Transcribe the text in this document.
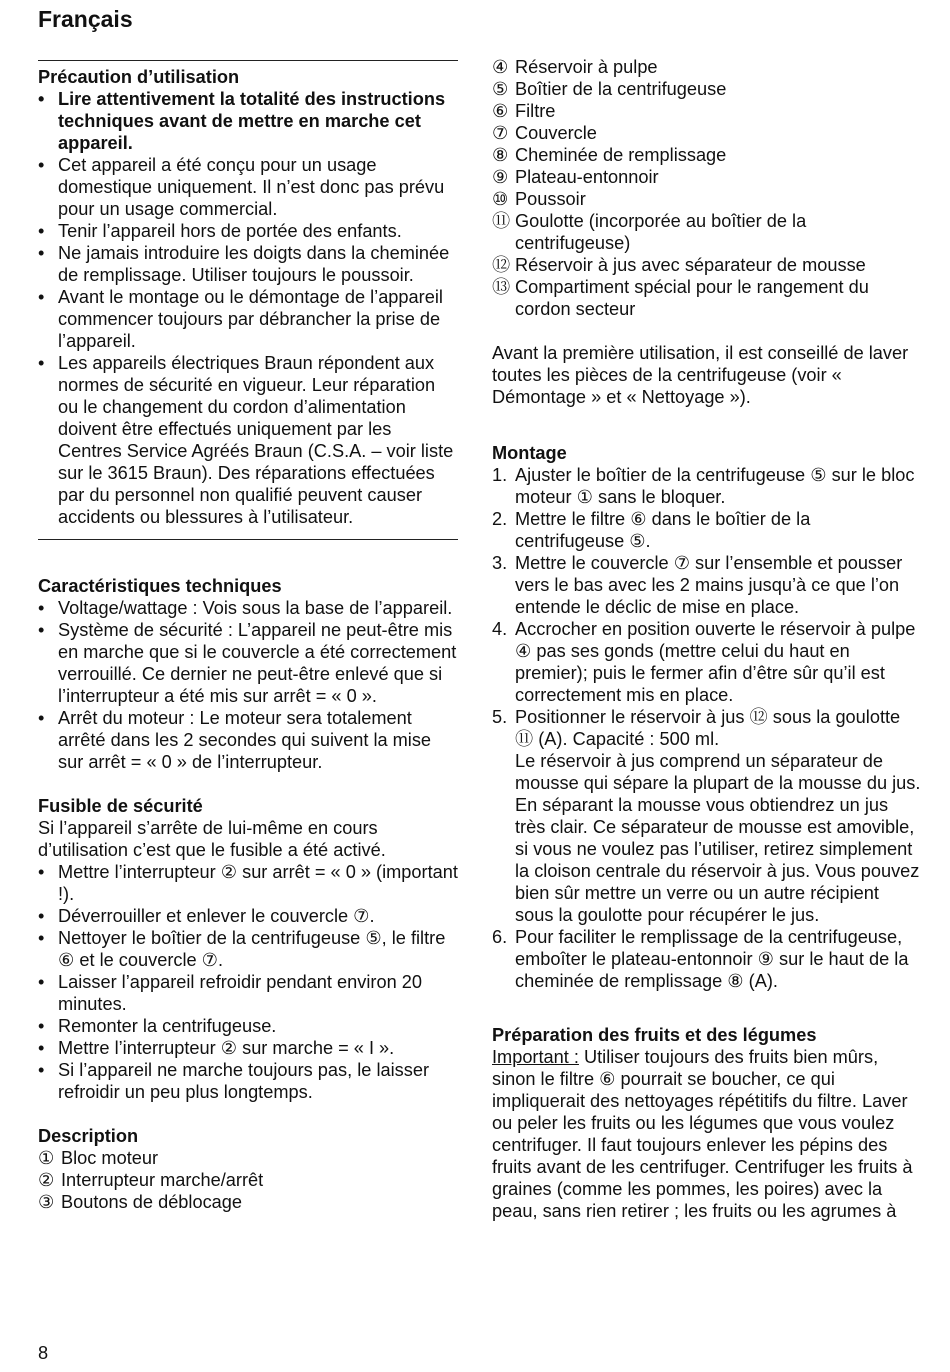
Français
Précaution d’utilisation
• Lire attentivement la totalité des instructions techniques avant de mettre en marche cet appareil.
• Cet appareil a été conçu pour un usage domestique uniquement. Il n’est donc pas prévu pour un usage commercial.
• Tenir l’appareil hors de portée des enfants.
• Ne jamais introduire les doigts dans la cheminée de remplissage. Utiliser toujours le poussoir.
• Avant le montage ou le démontage de l’appareil commencer toujours par débrancher la prise de l’appareil.
• Les appareils électriques Braun répondent aux normes de sécurité en vigueur. Leur réparation ou le changement du cordon d’alimentation doivent être effectués uniquement par les Centres Service Agréés Braun (C.S.A. – voir liste sur le 3615 Braun). Des réparations effectuées par du personnel non qualifié peuvent causer accidents ou blessures à l’utilisateur.
Caractéristiques techniques
• Voltage/wattage : Vois sous la base de l’appareil.
• Système de sécurité : L’appareil ne peut-être mis en marche que si le couvercle a été correctement verrouillé. Ce dernier ne peut-être enlevé que si l’interrupteur a été mis sur arrêt = « 0 ».
• Arrêt du moteur : Le moteur sera totalement arrêté dans les 2 secondes qui suivent la mise sur arrêt = « 0 » de l’interrupteur.
Fusible de sécurité

Si l’appareil s’arrête de lui-même en cours d’utilisation c’est que le fusible a été activé.

• Mettre l’interrupteur ② sur arrêt = « 0 » (important !).
• Déverrouiller et enlever le couvercle ⑦.
• Nettoyer le boîtier de la centrifugeuse ⑤, le filtre ⑥ et le couvercle ⑦.
• Laisser l’appareil refroidir pendant environ 20 minutes.
• Remonter la centrifugeuse.
• Mettre l’interrupteur ② sur marche = « I ».
• Si l’appareil ne marche toujours pas, le laisser refroidir un peu plus longtemps.
Description
① Bloc moteur
② Interrupteur marche/arrêt
③ Boutons de déblocage
④ Réservoir à pulpe
⑤ Boîtier de la centrifugeuse
⑥ Filtre
⑦ Couvercle
⑧ Cheminée de remplissage
⑨ Plateau-entonnoir
⑩ Poussoir
⑪ Goulotte (incorporée au boîtier de la centrifugeuse)
⑫ Réservoir à jus avec séparateur de mousse
⑬ Compartiment spécial pour le rangement du cordon secteur

Avant la première utilisation, il est conseillé de laver toutes les pièces de la centrifugeuse (voir « Démontage » et « Nettoyage »).

Montage
1. Ajuster le boîtier de la centrifugeuse ⑤ sur le bloc moteur ① sans le bloquer.
2. Mettre le filtre ⑥ dans le boîtier de la centrifugeuse ⑤.
3. Mettre le couvercle ⑦ sur l’ensemble et pousser vers le bas avec les 2 mains jusqu’à ce que l’on entende le déclic de mise en place.
4. Accrocher en position ouverte le réservoir à pulpe ④ pas ses gonds (mettre celui du haut en premier); puis le fermer afin d’être sûr qu’il est correctement mis en place.
5. Positionner le réservoir à jus ⑫ sous la goulotte ⑪ (A). Capacité : 500 ml.
Le réservoir à jus comprend un séparateur de mousse qui sépare la plupart de la mousse du jus. En séparant la mousse vous obtiendrez un jus très clair. Ce séparateur de mousse est amovible, si vous ne voulez pas l’utiliser, retirez simplement la cloison centrale du réservoir à jus. Vous pouvez bien sûr mettre un verre ou un autre récipient sous la goulotte pour récupérer le jus.
6. Pour faciliter le remplissage de la centrifugeuse, emboîter le plateau-entonnoir ⑨ sur le haut de la cheminée de remplissage ⑧ (A).
Préparation des fruits et des légumes

Important : Utiliser toujours des fruits bien mûrs, sinon le filtre ⑥ pourrait se boucher, ce qui impliquerait des nettoyages répétitifs du filtre. Laver ou peler les fruits ou les légumes que vous voulez centrifuger. Il faut toujours enlever les pépins des fruits avant de les centrifuger. Centrifuger les fruits à graines (comme les pommes, les poires) avec la peau, sans rien retirer ; les fruits ou les agrumes à

8
